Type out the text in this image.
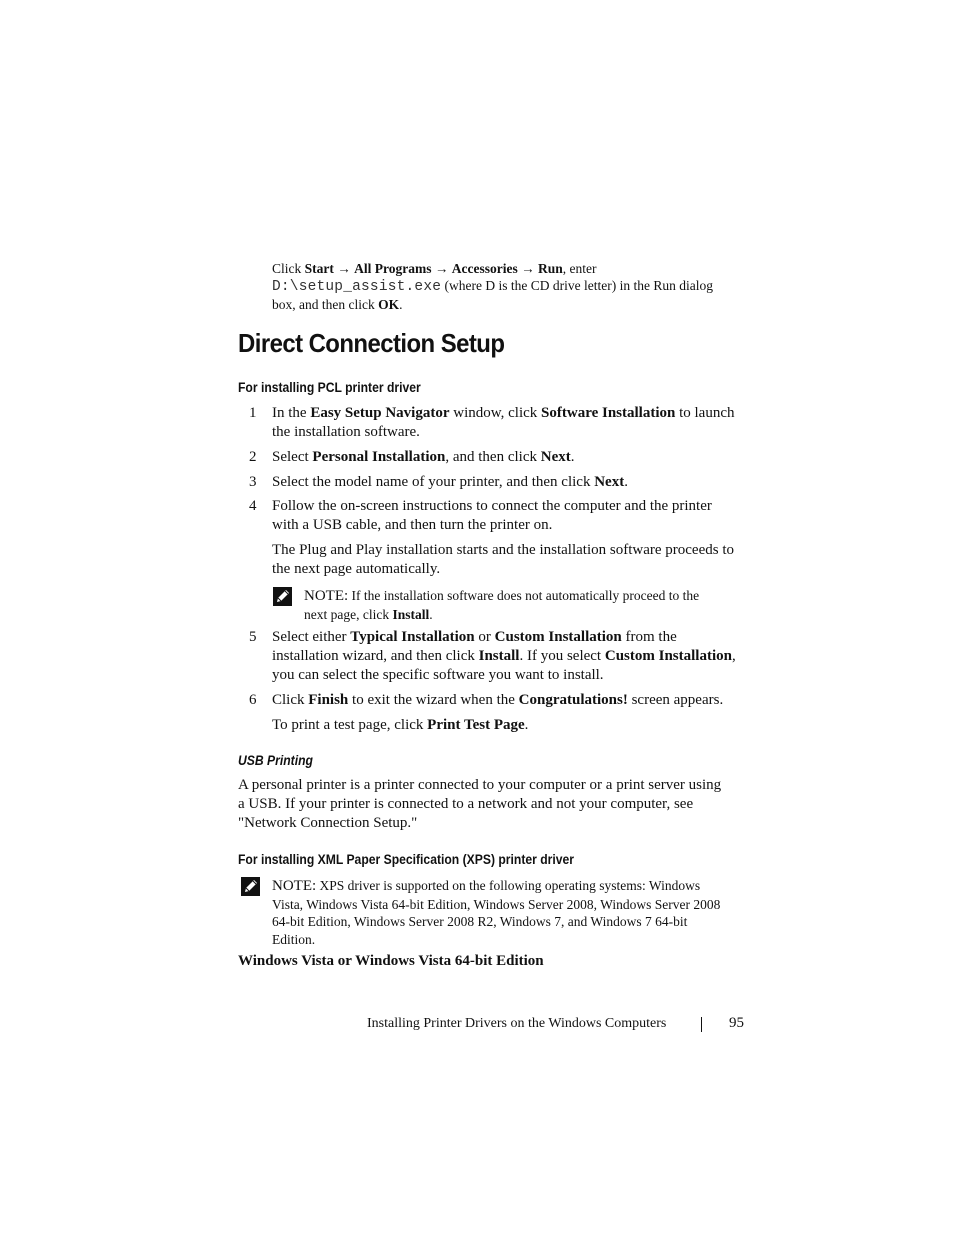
Click Start → All Programs → Accessories → Run, enter
D:\setup_assist.exe (where D is the CD drive letter) in the Run dialog
box, and then click OK.
Direct Connection Setup
For installing PCL printer driver
1 In the Easy Setup Navigator window, click Software Installation to launch
the installation software.
2 Select Personal Installation, and then click Next.
3 Select the model name of your printer, and then click Next.
4 Follow the on-screen instructions to connect the computer and the printer
with a USB cable, and then turn the printer on.
The Plug and Play installation starts and the installation software proceeds to
the next page automatically.
NOTE: If the installation software does not automatically proceed to the
next page, click Install.
5 Select either Typical Installation or Custom Installation from the
installation wizard, and then click Install. If you select Custom Installation,
you can select the specific software you want to install.
6 Click Finish to exit the wizard when the Congratulations! screen appears.
To print a test page, click Print Test Page.
USB Printing
A personal printer is a printer connected to your computer or a print server using
a USB. If your printer is connected to a network and not your computer, see
"Network Connection Setup."
For installing XML Paper Specification (XPS) printer driver
NOTE: XPS driver is supported on the following operating systems: Windows
Vista, Windows Vista 64-bit Edition, Windows Server 2008, Windows Server 2008
64-bit Edition, Windows Server 2008 R2, Windows 7, and Windows 7 64-bit
Edition.
Windows Vista or Windows Vista 64-bit Edition
Installing Printer Drivers on the Windows Computers	95
